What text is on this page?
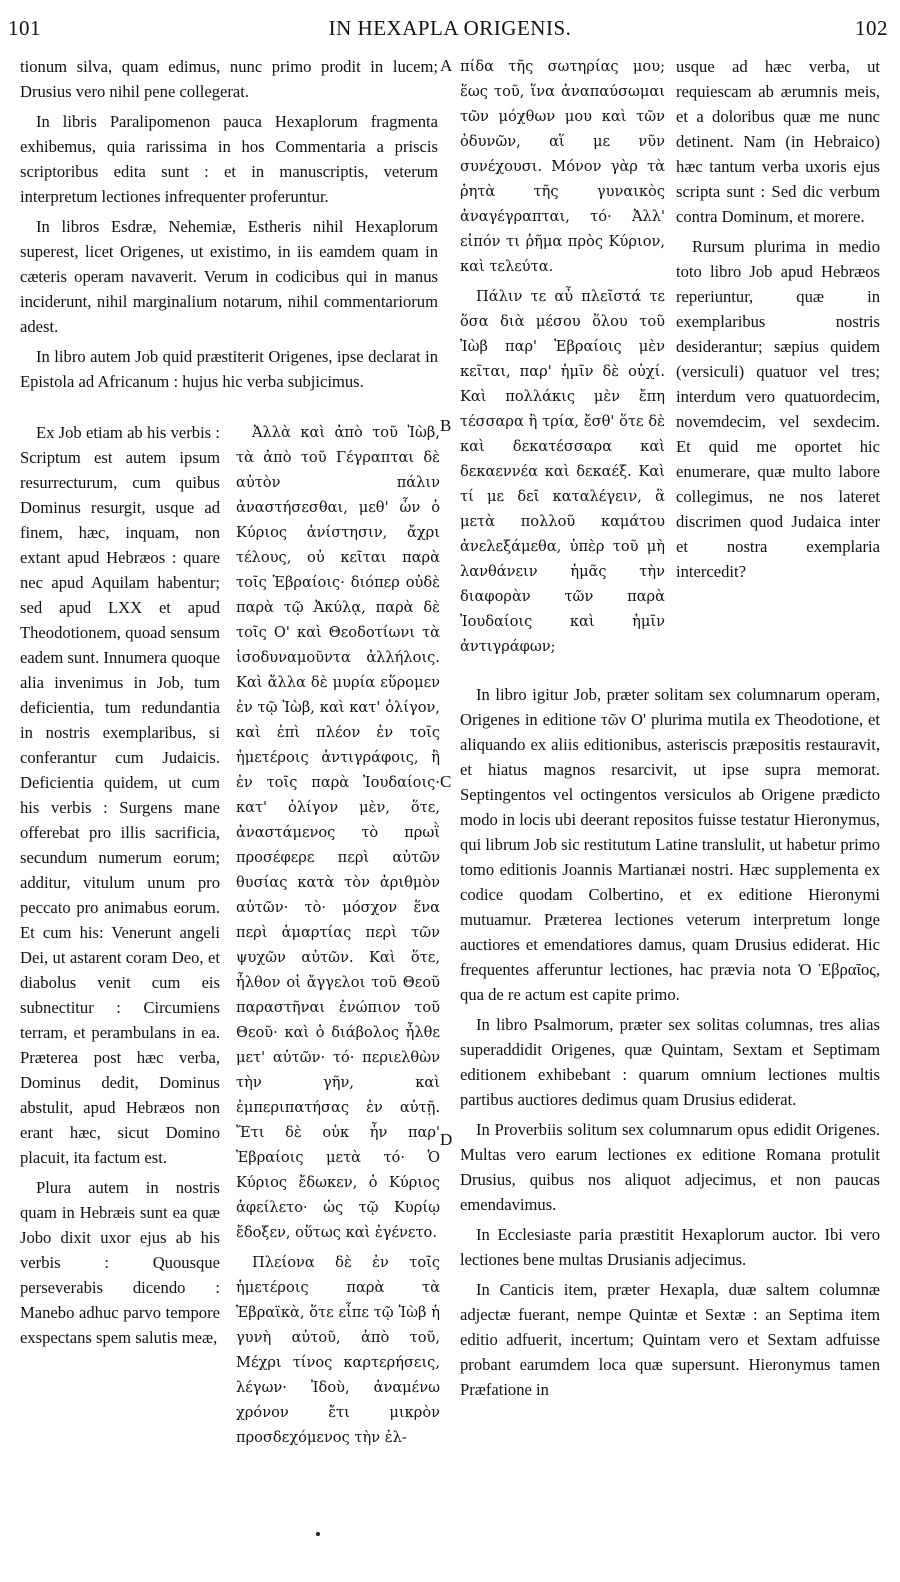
101	IN HEXAPLA ORIGENIS.	102
A
B
C
D

tionum silva, quam edimus, nunc primo prodit in lucem; Drusius vero nihil pene collegerat.

In libris Paralipomenon pauca Hexaplorum fragmenta exhibemus, quia rarissima in hos Commentaria a priscis scriptoribus edita sunt : et in manuscriptis, veterum interpretum lectiones infrequenter proferuntur.

In libros Esdræ, Nehemiæ, Estheris nihil Hexaplorum superest, licet Origenes, ut existimo, in iis eamdem quam in cæteris operam navaverit. Verum in codicibus qui in manus inciderunt, nihil marginalium notarum, nihil commentariorum adest.

In libro autem Job quid præstiterit Origenes, ipse declarat in Epistola ad Africanum : hujus hic verba subjicimus.

Ex Job etiam ab his verbis : Scriptum est autem ipsum resurrecturum, cum quibus Dominus resurgit, usque ad finem, hæc, inquam, non extant apud Hebræos : quare nec apud Aquilam habentur; sed apud LXX et apud Theodotionem, quoad sensum eadem sunt. Innumera quoque alia invenimus in Job, tum deficientia, tum redundantia in nostris exemplaribus, si conferantur cum Judaicis. Deficientia quidem, ut cum his verbis : Surgens mane offerebat pro illis sacrificia, secundum numerum eorum; additur, vitulum unum pro peccato pro animabus eorum. Et cum his: Venerunt angeli Dei, ut astarent coram Deo, et diabolus venit cum eis subnectitur : Circumiens terram, et perambulans in ea. Præterea post hæc verba, Dominus dedit, Dominus abstulit, apud Hebræos non erant hæc, sicut Domino placuit, ita factum est.

Plura autem in nostris quam in Hebræis sunt ea quæ Jobo dixit uxor ejus ab his verbis : Quousque perseverabis dicendo : Manebo adhuc parvo tempore exspectans spem salutis meæ,

Ἀλλὰ καὶ ἀπὸ τοῦ Ἰὼβ, τὰ ἀπὸ τοῦ Γέγραπται δὲ αὐτὸν πάλιν ἀναστήσεσθαι, μεθ' ὧν ὁ Κύριος ἀνίστησιν, ἄχρι τέλους, οὐ κεῖται παρὰ τοῖς Ἑβραίοις· διόπερ οὐδὲ παρὰ τῷ Ἀκύλᾳ, παρὰ δὲ τοῖς Ο' καὶ Θεοδοτίωνι τὰ ἰσοδυναμοῦντα ἀλλήλοις. Καὶ ἄλλα δὲ μυρία εὕρομεν ἐν τῷ Ἰὼβ, καὶ κατ' ὀλίγον, καὶ ἐπὶ πλέον ἐν τοῖς ἡμετέροις ἀντιγράφοις, ἢ ἐν τοῖς παρὰ Ἰουδαίοις· κατ' ὀλίγον μὲν, ὅτε, ἀναστάμενος τὸ πρωῒ προσέφερε περὶ αὐτῶν θυσίας κατὰ τὸν ἀριθμὸν αὐτῶν· τὸ· μόσχον ἕνα περὶ ἁμαρτίας περὶ τῶν ψυχῶν αὐτῶν. Καὶ ὅτε, ἦλθον οἱ ἄγγελοι τοῦ Θεοῦ παραστῆναι ἐνώπιον τοῦ Θεοῦ· καὶ ὁ διάβολος ἦλθε μετ' αὐτῶν· τό· περιελθὼν τὴν γῆν, καὶ ἐμπεριπατήσας ἐν αὐτῇ. Ἔτι δὲ οὐκ ἦν παρ' Ἑβραίοις μετὰ τό· Ὁ Κύριος ἔδωκεν, ὁ Κύριος ἀφείλετο· ὡς τῷ Κυρίῳ ἔδοξεν, οὕτως καὶ ἐγένετο.

Πλείονα δὲ ἐν τοῖς ἡμετέροις παρὰ τὰ Ἑβραϊκὰ, ὅτε εἶπε τῷ Ἰὼβ ἡ γυνὴ αὐτοῦ, ἀπὸ τοῦ, Μέχρι τίνος καρτερήσεις, λέγων· Ἰδοὺ, ἀναμένω χρόνον ἔτι μικρὸν προσδεχόμενος τὴν ἐλ-

πίδα τῆς σωτηρίας μου; ἕως τοῦ, ἵνα ἀναπαύσωμαι τῶν μόχθων μου καὶ τῶν ὀδυνῶν, αἵ με νῦν συνέχουσι. Μόνον γὰρ τὰ ῥητὰ τῆς γυναικὸς ἀναγέγραπται, τό· Ἀλλ' εἰπόν τι ῥῆμα πρὸς Κύριον, καὶ τελεύτα.

Πάλιν τε αὖ πλεῖστά τε ὅσα διὰ μέσου ὅλου τοῦ Ἰὼβ παρ' Ἑβραίοις μὲν κεῖται, παρ' ἡμῖν δὲ οὐχί. Καὶ πολλάκις μὲν ἔπη τέσσαρα ἢ τρία, ἔσθ' ὅτε δὲ καὶ δεκατέσσαρα καὶ δεκαεννέα καὶ δεκαέξ. Καὶ τί με δεῖ καταλέγειν, ἃ μετὰ πολλοῦ καμάτου ἀνελεξάμεθα, ὑπὲρ τοῦ μὴ λανθάνειν ἡμᾶς τὴν διαφορὰν τῶν παρὰ Ἰουδαίοις καὶ ἡμῖν ἀντιγράφων;

usque ad hæc verba, ut requiescam ab ærumnis meis, et a doloribus quæ me nunc detinent. Nam (in Hebraico) hæc tantum verba uxoris ejus scripta sunt : Sed dic verbum contra Dominum, et morere.

Rursum plurima in medio toto libro Job apud Hebræos reperiuntur, quæ in exemplaribus nostris desiderantur; sæpius quidem (versiculi) quatuor vel tres; interdum vero quatuordecim, novemdecim, vel sexdecim. Et quid me oportet hic enumerare, quæ multo labore collegimus, ne nos lateret discrimen quod Judaica inter et nostra exemplaria intercedit?

In libro igitur Job, præter solitam sex columnarum operam, Origenes in editione τῶν Ο' plurima mutila ex Theodotione, et aliquando ex aliis editionibus, asteriscis præpositis restauravit, et hiatus magnos resarcivit, ut ipse supra memorat. Septingentos vel octingentos versiculos ab Origene prædicto modo in locis ubi deerant repositos fuisse testatur Hieronymus, qui librum Job sic restitutum Latine translulit, ut habetur primo tomo editionis Joannis Martianæi nostri. Hæc supplementa ex codice quodam Colbertino, et ex editione Hieronymi mutuamur. Præterea lectiones veterum interpretum longe auctiores et emendatiores damus, quam Drusius ediderat. Hic frequentes afferuntur lectiones, hac prævia nota Ὁ Ἑβραῖος, qua de re actum est capite primo.

In libro Psalmorum, præter sex solitas columnas, tres alias superaddidit Origenes, quæ Quintam, Sextam et Septimam editionem exhibebant : quarum omnium lectiones multis partibus auctiores dedimus quam Drusius ediderat.

In Proverbiis solitum sex columnarum opus edidit Origenes. Multas vero earum lectiones ex editione Romana protulit Drusius, quibus nos aliquot adjecimus, et non paucas emendavimus.

In Ecclesiaste paria præstitit Hexaplorum auctor. Ibi vero lectiones bene multas Drusianis adjecimus.

In Canticis item, præter Hexapla, duæ saltem columnæ adjectæ fuerant, nempe Quintæ et Sextæ : an Septima item editio adfuerit, incertum; Quintam vero et Sextam adfuisse probant earumdem loca quæ supersunt. Hieronymus tamen Præfatione in
